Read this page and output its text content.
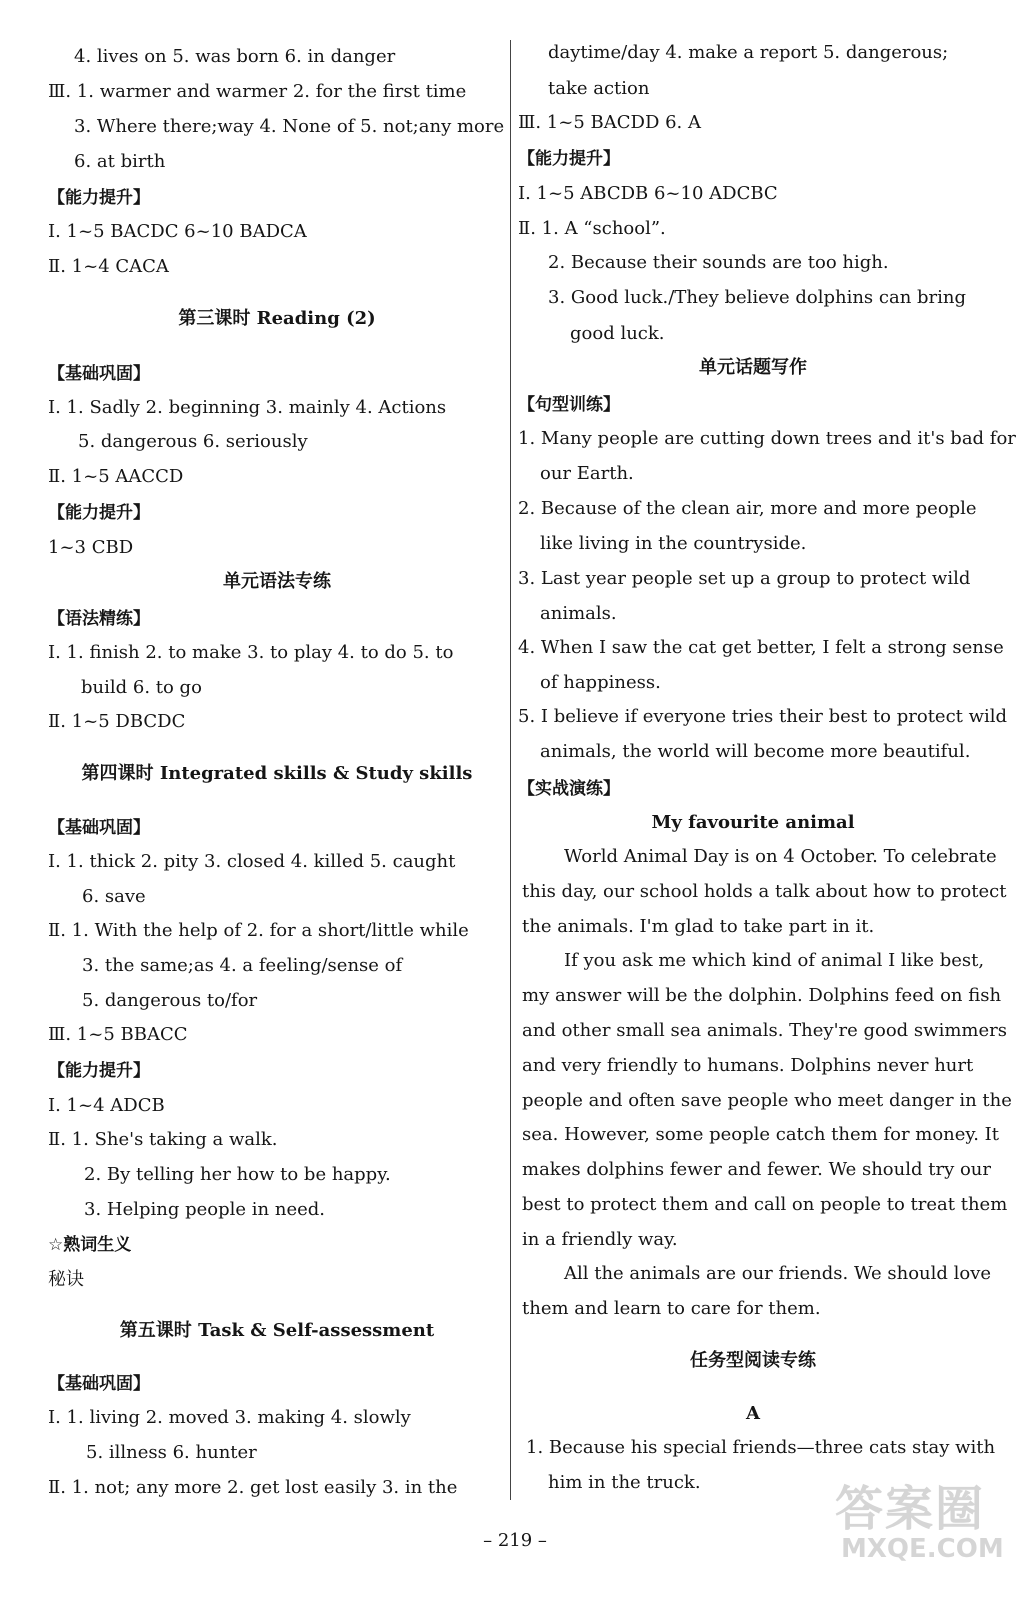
4. lives on 5. was born 6. in danger
Ⅲ. 1. warmer and warmer 2. for the first time
3. Where there;way 4. None of 5. not;any more
6. at birth
【能力提升】
Ⅰ. 1~5 BACDC 6~10 BADCA
Ⅱ. 1~4 CACA
第三课时 Reading (2)
【基础巩固】
Ⅰ. 1. Sadly 2. beginning 3. mainly 4. Actions
5. dangerous 6. seriously
Ⅱ. 1~5 AACCD
【能力提升】
1~3 CBD
单元语法专练
【语法精练】
Ⅰ. 1. finish 2. to make 3. to play 4. to do 5. to
build 6. to go
Ⅱ. 1~5 DBCDC
第四课时 Integrated skills & Study skills
【基础巩固】
Ⅰ. 1. thick 2. pity 3. closed 4. killed 5. caught
6. save
Ⅱ. 1. With the help of 2. for a short/little while
3. the same;as 4. a feeling/sense of
5. dangerous to/for
Ⅲ. 1~5 BBACC
【能力提升】
Ⅰ. 1~4 ADCB
Ⅱ. 1. She's taking a walk.
2. By telling her how to be happy.
3. Helping people in need.
☆熟词生义
秘诀
第五课时 Task & Self-assessment
【基础巩固】
Ⅰ. 1. living 2. moved 3. making 4. slowly
5. illness 6. hunter
Ⅱ. 1. not; any more 2. get lost easily 3. in the
daytime/day 4. make a report 5. dangerous;
take action
Ⅲ. 1~5 BACDD 6. A
【能力提升】
Ⅰ. 1~5 ABCDB 6~10 ADCBC
Ⅱ. 1. A “school”.
2. Because their sounds are too high.
3. Good luck./They believe dolphins can bring
good luck.
单元话题写作
【句型训练】
1. Many people are cutting down trees and it's bad for
our Earth.
2. Because of the clean air, more and more people
like living in the countryside.
3. Last year people set up a group to protect wild
animals.
4. When I saw the cat get better, I felt a strong sense
of happiness.
5. I believe if everyone tries their best to protect wild
animals, the world will become more beautiful.
【实战演练】
My favourite animal
World Animal Day is on 4 October. To celebrate
this day, our school holds a talk about how to protect
the animals. I'm glad to take part in it.
If you ask me which kind of animal I like best,
my answer will be the dolphin. Dolphins feed on fish
and other small sea animals. They're good swimmers
and very friendly to humans. Dolphins never hurt
people and often save people who meet danger in the
sea. However, some people catch them for money. It
makes dolphins fewer and fewer. We should try our
best to protect them and call on people to treat them
in a friendly way.
All the animals are our friends. We should love
them and learn to care for them.
任务型阅读专练
A
1. Because his special friends—three cats stay with
him in the truck.
– 219 –
答案圈
MXQE.COM
